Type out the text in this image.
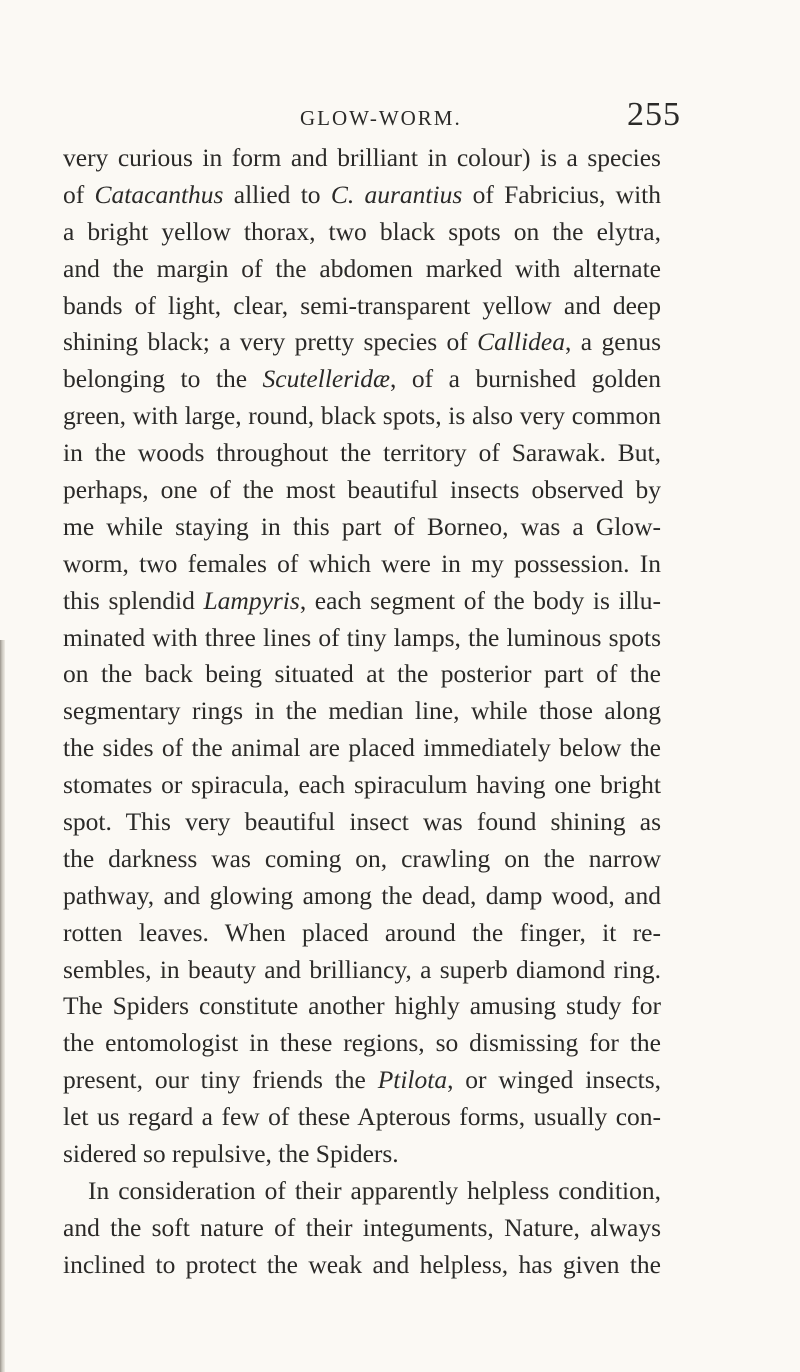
GLOW-WORM.	255
very curious in form and brilliant in colour) is a species
of Catacanthus allied to C. aurantius of Fabricius, with
a bright yellow thorax, two black spots on the elytra,
and the margin of the abdomen marked with alternate
bands of light, clear, semi-transparent yellow and deep
shining black; a very pretty species of Callidea, a genus
belonging to the Scutelleridæ, of a burnished golden
green, with large, round, black spots, is also very common
in the woods throughout the territory of Sarawak. But,
perhaps, one of the most beautiful insects observed by
me while staying in this part of Borneo, was a Glow-
worm, two females of which were in my possession. In
this splendid Lampyris, each segment of the body is illu-
minated with three lines of tiny lamps, the luminous spots
on the back being situated at the posterior part of the
segmentary rings in the median line, while those along
the sides of the animal are placed immediately below the
stomates or spiracula, each spiraculum having one bright
spot. This very beautiful insect was found shining as
the darkness was coming on, crawling on the narrow
pathway, and glowing among the dead, damp wood, and
rotten leaves. When placed around the finger, it re-
sembles, in beauty and brilliancy, a superb diamond ring.
The Spiders constitute another highly amusing study for
the entomologist in these regions, so dismissing for the
present, our tiny friends the Ptilota, or winged insects,
let us regard a few of these Apterous forms, usually con-
sidered so repulsive, the Spiders.
In consideration of their apparently helpless condition,
and the soft nature of their integuments, Nature, always
inclined to protect the weak and helpless, has given the
